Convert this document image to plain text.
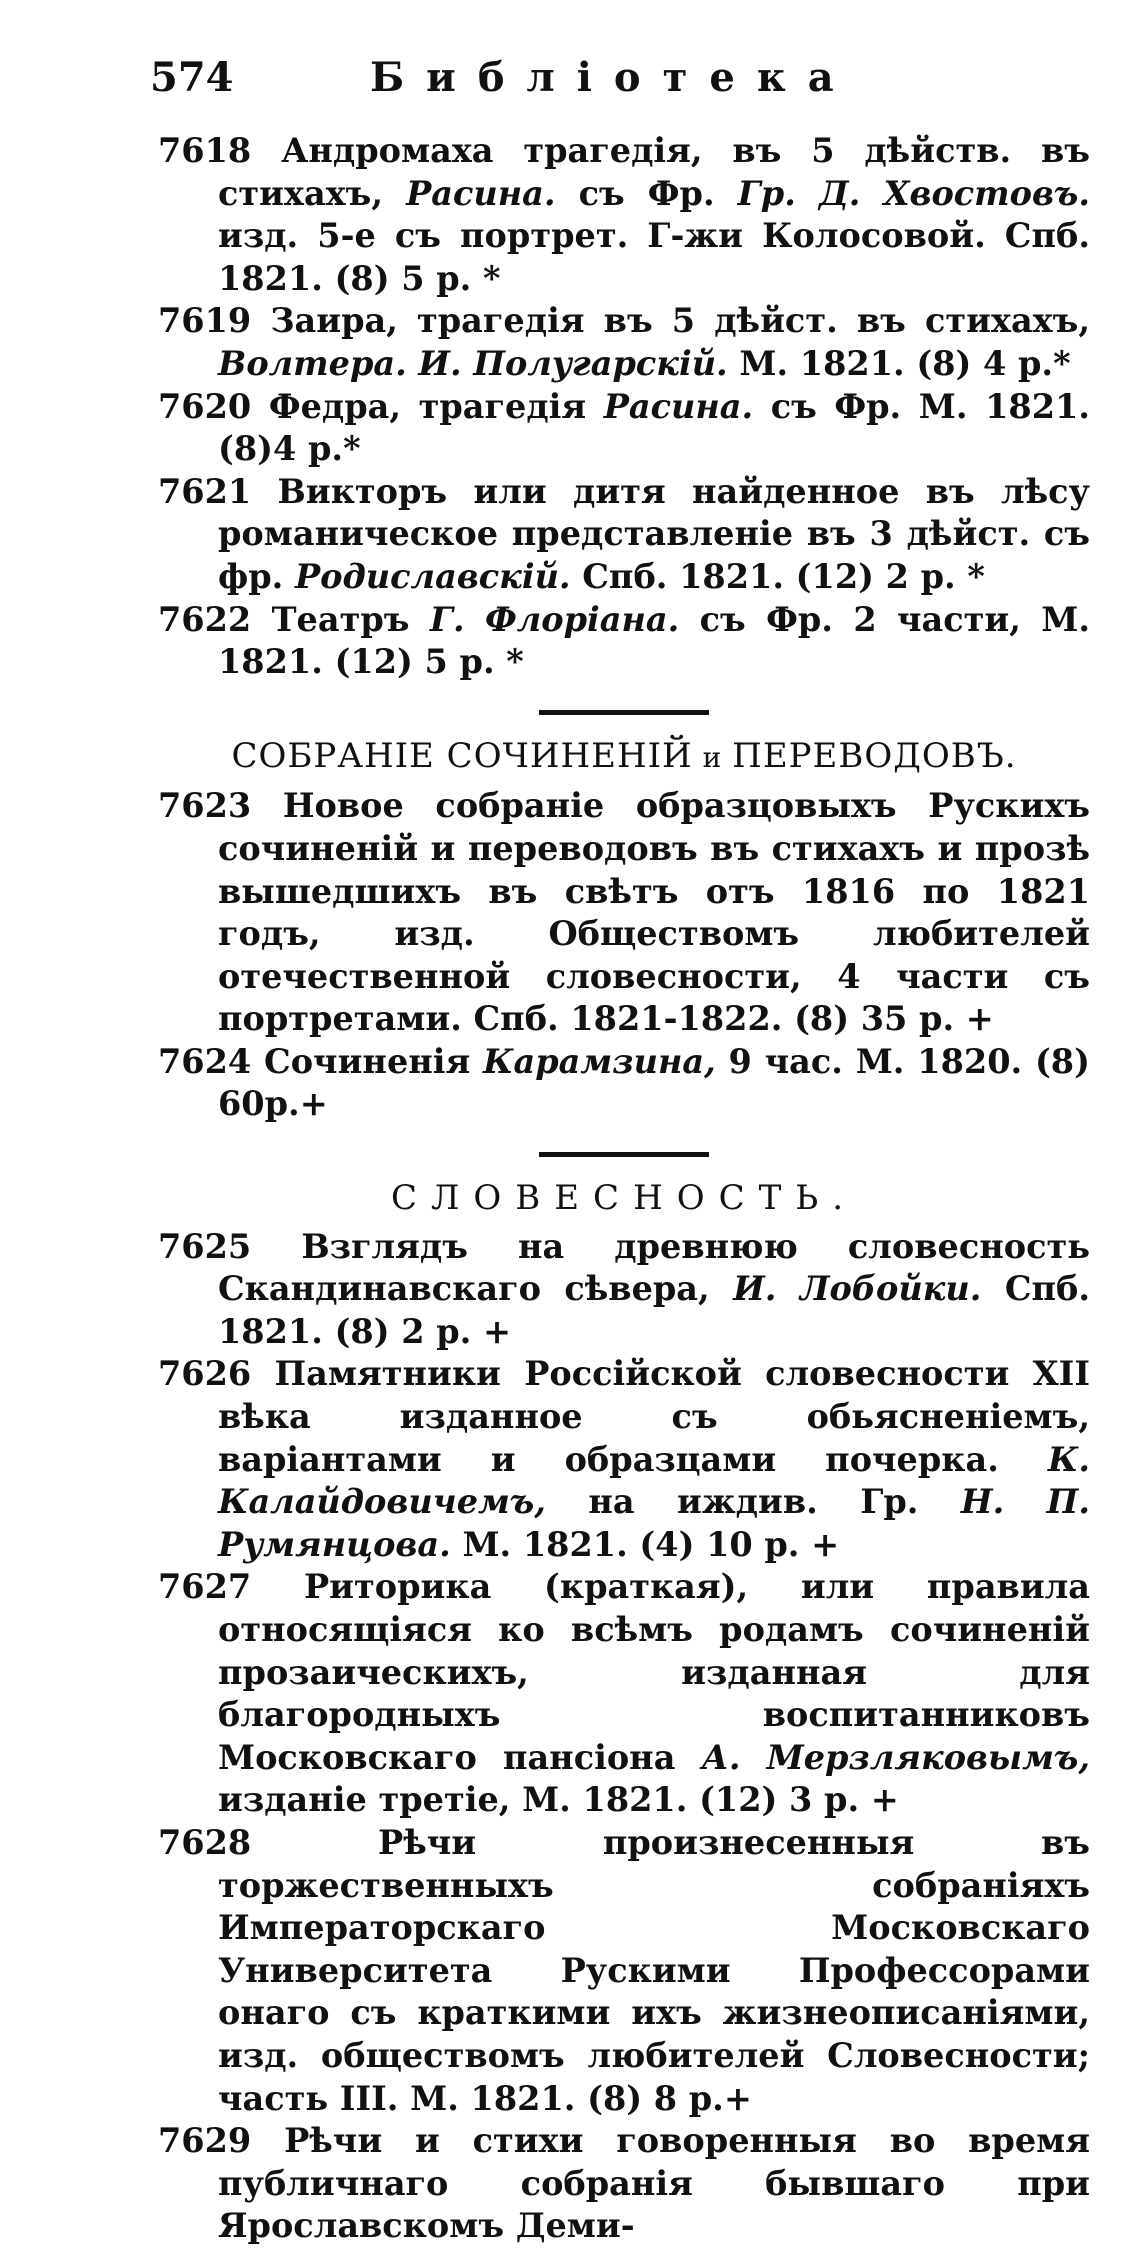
574	Библіотека

7618 Андромаха трагедія, въ 5 дѣйств. въ стихахъ, Расина. съ Фр. Гр. Д. Хвостовъ. изд. 5-е съ портрет. Г-жи Колосовой. Спб. 1821. (8) 5 р. *

7619 Заира, трагедія въ 5 дѣйст. въ стихахъ, Волтера. И. Полугарскій. М. 1821. (8) 4 р.*

7620 Федра, трагедія Расина. съ Фр. М. 1821. (8)4 р.*

7621 Викторъ или дитя найденное въ лѣсу романическое представленіе въ 3 дѣйст. съ фр. Родиславскій. Спб. 1821. (12) 2 р. *

7622 Театръ Г. Флоріана. съ Фр. 2 части, М. 1821. (12) 5 р. *

СОБРАНІЕ СОЧИНЕНІЙ и ПЕРЕВОДОВЪ.

7623 Новое собраніе образцовыхъ Рускихъ сочиненій и переводовъ въ стихахъ и прозѣ вышедшихъ въ свѣтъ отъ 1816 по 1821 годъ, изд. Обществомъ любителей отечественной словесности, 4 части съ портретами. Спб. 1821-1822. (8) 35 р. +

7624 Сочиненія Карамзина, 9 час. М. 1820. (8) 60р.+

СЛОВЕСНОСТЬ.

7625 Взглядъ на древнюю словесность Скандинавскаго сѣвера, И. Лобойки. Спб. 1821. (8) 2 р. +

7626 Памятники Россійской словесности XII вѣка изданное съ обьясненіемъ, варіантами и образцами почерка. К. Калайдовичемъ, на иждив. Гр. Н. П. Румянцова. М. 1821. (4) 10 р. +

7627 Риторика (краткая), или правила относящіяся ко всѣмъ родамъ сочиненій прозаическихъ, изданная для благородныхъ воспитанниковъ Московскаго пансіона А. Мерзляковымъ, изданіе третіе, М. 1821. (12) 3 р. +

7628	Рѣчи произнесенныя въ торжественныхъ собраніяхъ Императорскаго Московскаго Университета Рускими Профессорами онаго съ краткими ихъ жизнеописаніями, изд. обществомъ любителей Словесности; часть III. М. 1821. (8) 8 р.+

7629 Рѣчи и стихи говоренныя во время публичнаго собранія бывшаго при Ярославскомъ Деми-
